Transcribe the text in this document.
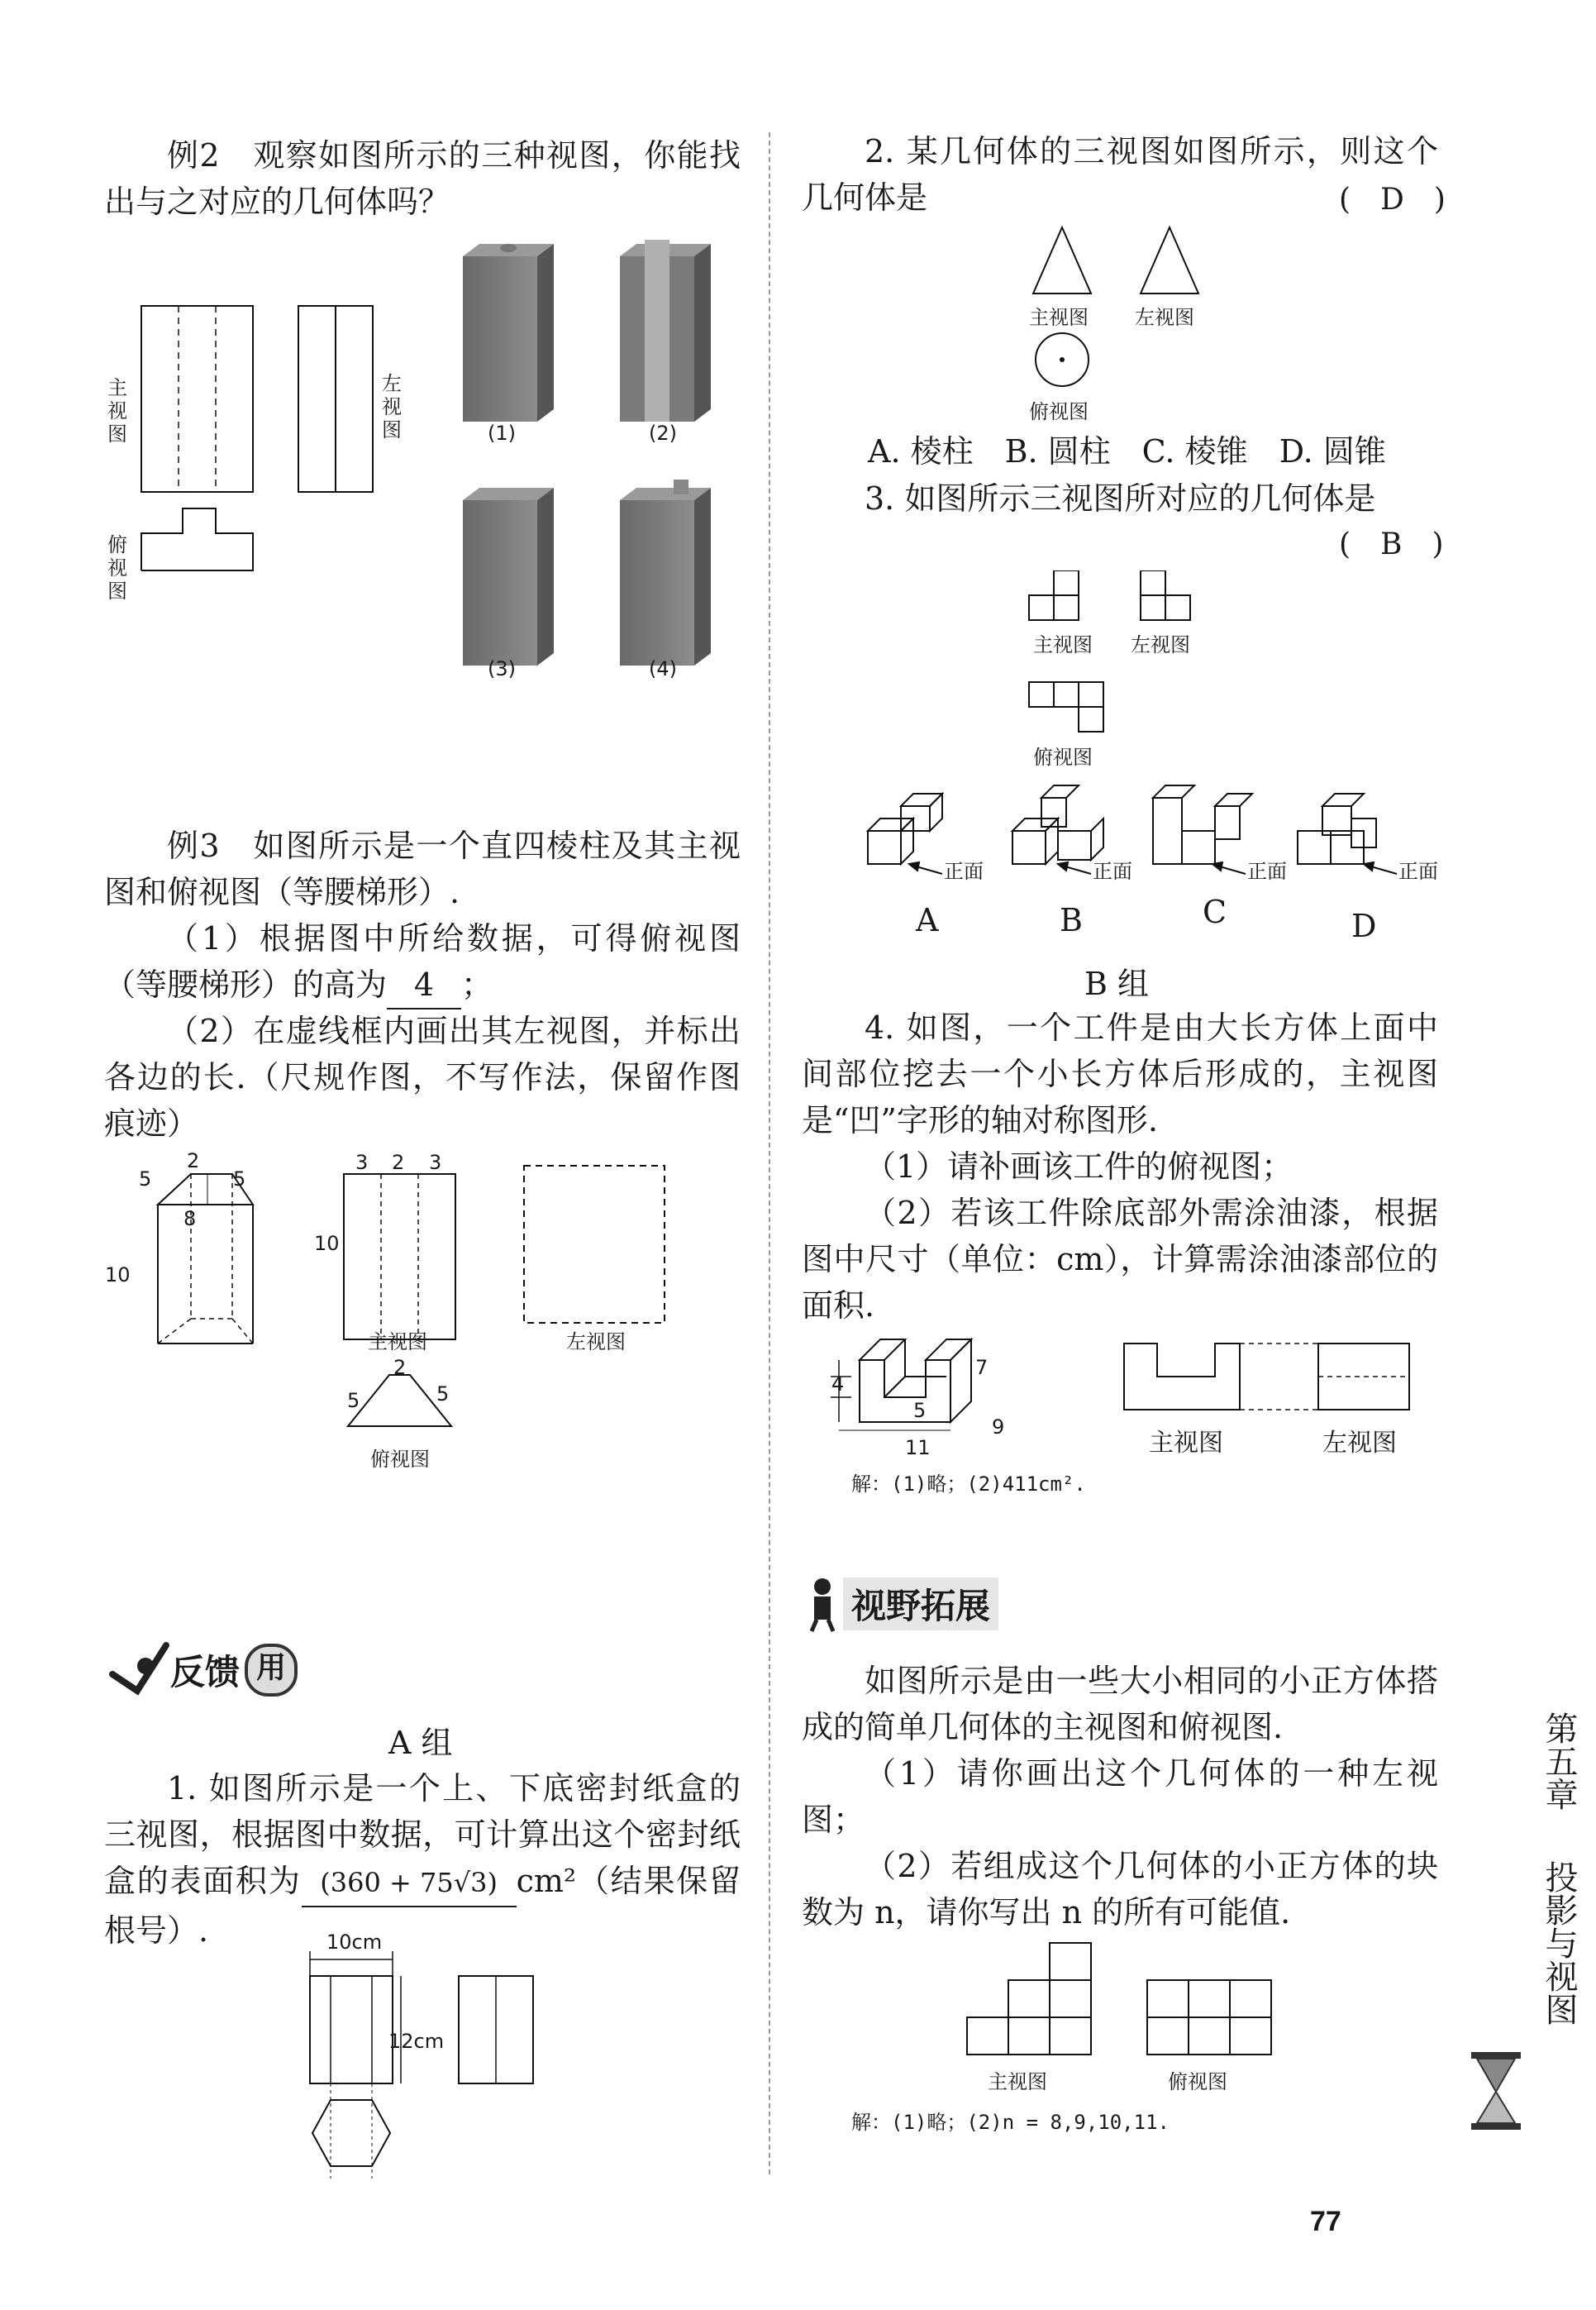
例2　观察如图所示的三种视图，你能找出与之对应的几何体吗？
主视图
左视图
俯视图
(1)	(2)
(3)	(4)
例3　如图所示是一个直四棱柱及其主视图和俯视图（等腰梯形）.
（1）根据图中所给数据，可得俯视图（等腰梯形）的高为 4 ；
（2）在虚线框内画出其左视图，并标出各边的长.（尺规作图，不写作法，保留作图痕迹）
2
5	5
8
10
3 2 3
10
主视图	左视图
2
5	5
俯视图
反馈 用
A 组
1. 如图所示是一个上、下底密封纸盒的三视图，根据图中数据，可计算出这个密封纸盒的表面积为 (360 + 75√3) cm²（结果保留根号）.	10cm
12cm
2. 某几何体的三视图如图所示，则这个几何体是	(　D　)
主视图 左视图
俯视图
A. 棱柱　B. 圆柱　C. 棱锥　D. 圆锥
3. 如图所示三视图所对应的几何体是
(　B　)
主视图 左视图
俯视图
正面	正面	正面	正面
A	B	C	D
B 组
4. 如图，一个工件是由大长方体上面中间部位挖去一个小长方体后形成的，主视图是“凹”字形的轴对称图形.
（1）请补画该工件的俯视图；
（2）若该工件除底部外需涂油漆，根据图中尺寸（单位：cm），计算需涂油漆部位的面积.
4
5
7
11
9
主视图	左视图
解：(1)略；(2)411cm².
视野拓展
如图所示是由一些大小相同的小正方体搭成的简单几何体的主视图和俯视图.
（1）请你画出这个几何体的一种左视图；
（2）若组成这个几何体的小正方体的块数为 n，请你写出 n 的所有可能值.
主视图	俯视图
解：(1)略；(2)n = 8,9,10,11.
第五章
投影与视图
77
